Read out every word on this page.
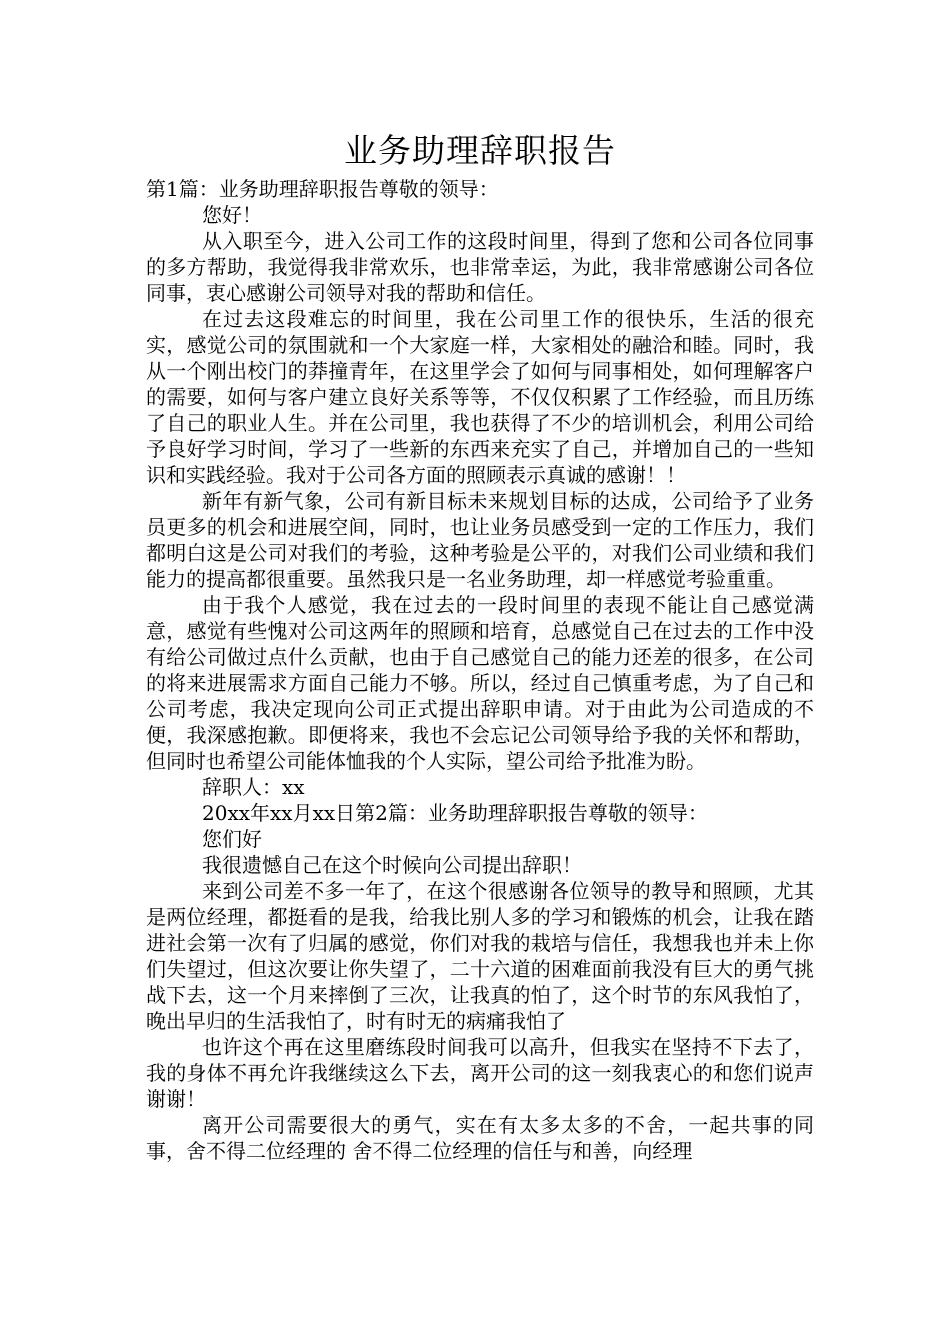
业务助理辞职报告

第1篇：业务助理辞职报告尊敬的领导：

您好！

从入职至今，进入公司工作的这段时间里，得到了您和公司各位同事的多方帮助，我觉得我非常欢乐，也非常幸运，为此，我非常感谢公司各位同事，衷心感谢公司领导对我的帮助和信任。

在过去这段难忘的时间里，我在公司里工作的很快乐，生活的很充实，感觉公司的氛围就和一个大家庭一样，大家相处的融洽和睦。同时，我从一个刚出校门的莽撞青年，在这里学会了如何与同事相处，如何理解客户的需要，如何与客户建立良好关系等等，不仅仅积累了工作经验，而且历练了自己的职业人生。并在公司里，我也获得了不少的培训机会，利用公司给予良好学习时间，学习了一些新的东西来充实了自己，并增加自己的一些知识和实践经验。我对于公司各方面的照顾表示真诚的感谢！！

新年有新气象，公司有新目标未来规划目标的达成，公司给予了业务员更多的机会和进展空间，同时，也让业务员感受到一定的工作压力，我们都明白这是公司对我们的考验，这种考验是公平的，对我们公司业绩和我们能力的提高都很重要。虽然我只是一名业务助理，却一样感觉考验重重。

由于我个人感觉，我在过去的一段时间里的表现不能让自己感觉满意，感觉有些愧对公司这两年的照顾和培育，总感觉自己在过去的工作中没有给公司做过点什么贡献，也由于自己感觉自己的能力还差的很多，在公司的将来进展需求方面自己能力不够。所以，经过自己慎重考虑，为了自己和公司考虑，我决定现向公司正式提出辞职申请。对于由此为公司造成的不便，我深感抱歉。即便将来，我也不会忘记公司领导给予我的关怀和帮助，但同时也希望公司能体恤我的个人实际，望公司给予批准为盼。

辞职人：xx

20xx年xx月xx日第2篇：业务助理辞职报告尊敬的领导：

您们好

我很遗憾自己在这个时候向公司提出辞职！

来到公司差不多一年了，在这个很感谢各位领导的教导和照顾，尤其是两位经理，都挺看的是我，给我比别人多的学习和锻炼的机会，让我在踏进社会第一次有了归属的感觉，你们对我的栽培与信任，我想我也并未上你们失望过，但这次要让你失望了，二十六道的困难面前我没有巨大的勇气挑战下去，这一个月来摔倒了三次，让我真的怕了，这个时节的东风我怕了，晚出早归的生活我怕了，时有时无的病痛我怕了

也许这个再在这里磨练段时间我可以高升，但我实在坚持不下去了，我的身体不再允许我继续这么下去，离开公司的这一刻我衷心的和您们说声谢谢！

离开公司需要很大的勇气，实在有太多太多的不舍，一起共事的同事，舍不得二位经理的 舍不得二位经理的信任与和善，向经理
